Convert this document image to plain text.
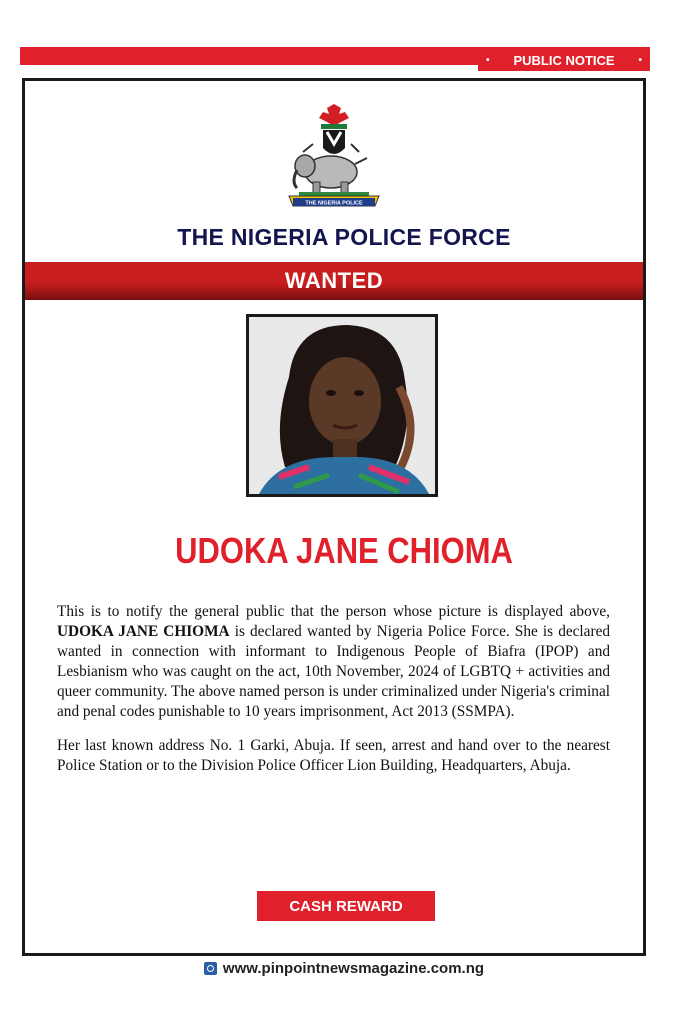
• PUBLIC NOTICE •
THE NIGERIA POLICE
THE NIGERIA POLICE FORCE
WANTED
UDOKA JANE CHIOMA

This is to notify the general public that the person whose picture is displayed above, UDOKA JANE CHIOMA is declared wanted by Nigeria Police Force. She is declared wanted in connection with informant to Indigenous People of Biafra (IPOP) and Lesbianism who was caught on the act, 10th November, 2024 of LGBTQ + activities and queer community. The above named person is under criminalized under Nigeria's criminal and penal codes punishable to 10 years imprisonment, Act 2013 (SSMPA).

Her last known address No. 1 Garki, Abuja. If seen, arrest and hand over to the nearest Police Station or to the Division Police Officer Lion Building, Headquarters, Abuja.

CASH REWARD
www.pinpointnewsmagazine.com.ng
